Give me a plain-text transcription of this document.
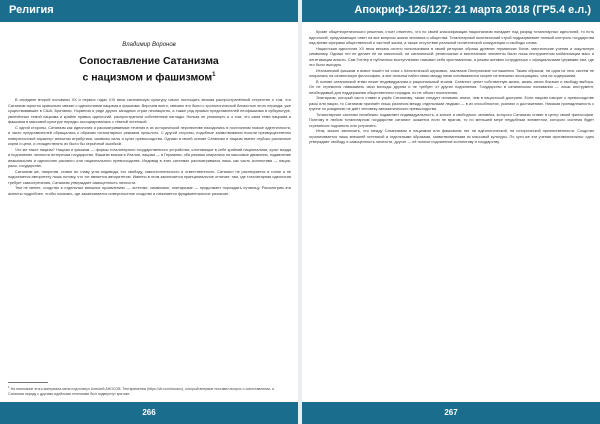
Религия	Апокриф-126/127: 21 марта 2018 (ГР5.4 е.л.)
Владимир Воронов
Сопоставление Сатанизма
с нацизмом и фашизмом$^1$

В середине второй половины XX и первых годах XXI века сатанинскую культуру начал поглощать весьма распространённый стереотип о том, что Сатанизм скрытно крамольно связан с идеологиями нацизма и фашизма. Впрочем всего, связано это было с хронологической близостью этого периода: уже существовавшие в США, Британии, Норвегии и ряде других западных стран неонацисты, а также ряд прямых представителей неофашизма в субкультуре, увлечённых темой нацизма и крайне правых идеологий, распространяли собственные взгляды. Нельзя не упомянуть и о том, что сама тема нацизма и фашизма в массовой культуре нередко ассоциировалась с тёмной эстетикой.

С одной стороны, Сатанизм как идеология и рассматриваемые течения в их исторической перспективе находились в постоянном поиске идентичности, и часть представителей обращалась к образам тоталитарных режимов прошлого. С другой стороны, подобные заимствования носили преимущественно поверхностный характер: внешняя атрибутика, символы силы и культ превосходства. Однако в своей основе Сатанизм и нацизм имеют глубоко различные корни и цели, и отождествлять их было бы серьёзной ошибкой.

Что же такое нацизм? Нацизм и фашизм — формы тоталитарного государственного устройства, сочетающие в себе крайний национализм, культ вождя и подчинение личности интересам государства. Фашизм возник в Италии, нацизм — в Германии; оба режима опирались на массовые движения, подавление инакомыслия и идеологию расового или национального превосходства. Индивид в этих системах рассматривался лишь как часть коллектива — нации, расы, государства.

Сатанизм же, напротив, ставит во главу угла индивида, его свободу, самостоятельность и ответственность. Сатанист не растворяется в толпе и не подчиняется авторитету лишь потому, что тот является авторитетом. Именно в этом заключается принципиальное отличие: там, где тоталитарная идеология требует самоотречения, Сатанизм утверждает самоценность личности.

Тем не менее, сходство в отдельных внешних проявлениях — эстетике, символике, элитаризме — продолжает порождать путаницу. Рассмотрим эти аспекты подробнее, чтобы показать, где заканчивается поверхностное сходство и начинается фундаментальное различие.

$^1$ На написание этого материала меня подтолкнул Алексей АНОСОВ. Тем временем (https://vk.com/anosov), который впервые поставил вопрос о сопоставлении, и Сатанизм наряду с другими идейными течениями был подвергнут критике.

Кроме общетеоретического решения, стоит отметить, что по своей классификации национализм попадает под разряд тоталитарных идеологий, то есть идеологий, предлагающих ответ на все вопросы жизни человека и общества. Тоталитарный политический строй подразумевает полный контроль государства над всеми сферами общественной и частной жизни, а также отсутствие реальной политической конкуренции и свободы слова.

Нацистская идеология XX века весьма охотно использовала в своей риторике образы древних германских богов, мистические учения и оккультную символику. Однако это не делает её ни языческой, ни сатанинской: религиозные и мистические элементы были лишь инструментом мобилизации масс и легитимации власти. Сам Гитлер в публичных выступлениях называл себя христианином, а режим активно сотрудничал с официальными церквями там, где это было выгодно.

Итальянский фашизм и вовсе пошёл на союз с Католической церковью, заключив Латеранские соглашения. Таким образом, ни одна из этих систем не опиралась на сатанинскую философию, а все попытки найти связь между ними основываются скорее на внешних ассоциациях, чем на содержании.

В основе сатанинской этики лежит индивидуализм и рациональный эгоизм. Сатанист ценит собственную жизнь, жизнь своих близких и свободу выбора. Он не стремится навязывать свои взгляды другим и не требует от других подчинения. Государство в сатанинском понимании — лишь инструмент, необходимый для поддержания общественного порядка, но не объект поклонения.

Элитаризм, который часто ставят в упрёк Сатанизму, также следует понимать иначе, чем в нацистской доктрине. Если нацизм говорит о превосходстве расы или нации, то Сатанизм признаёт лишь различия между отдельными людьми — в их способностях, усилиях и достижениях. Никакая принадлежность к группе по рождению не даёт человеку автоматического превосходства.

Тоталитарные системы неизбежно подавляют индивидуальность, а значит и свободного человека, которого Сатанизм ставит в центр своей философии. Поэтому в любом тоталитарном государстве сатанист окажется если не врагом, то по меньшей мере неудобным элементом, которого система будет стремиться подчинить или устранить.

Итак, можно заключить, что между Сатанизмом и нацизмом или фашизмом нет ни идеологической, ни исторической преемственности. Сходство ограничивается лишь внешней эстетикой и отдельными образами, заимствованными из массовой культуры. По сути же эти учения противоположны: одно утверждает свободу и самоценность личности, другое — её полное подчинение коллективу и государству.

266	267
